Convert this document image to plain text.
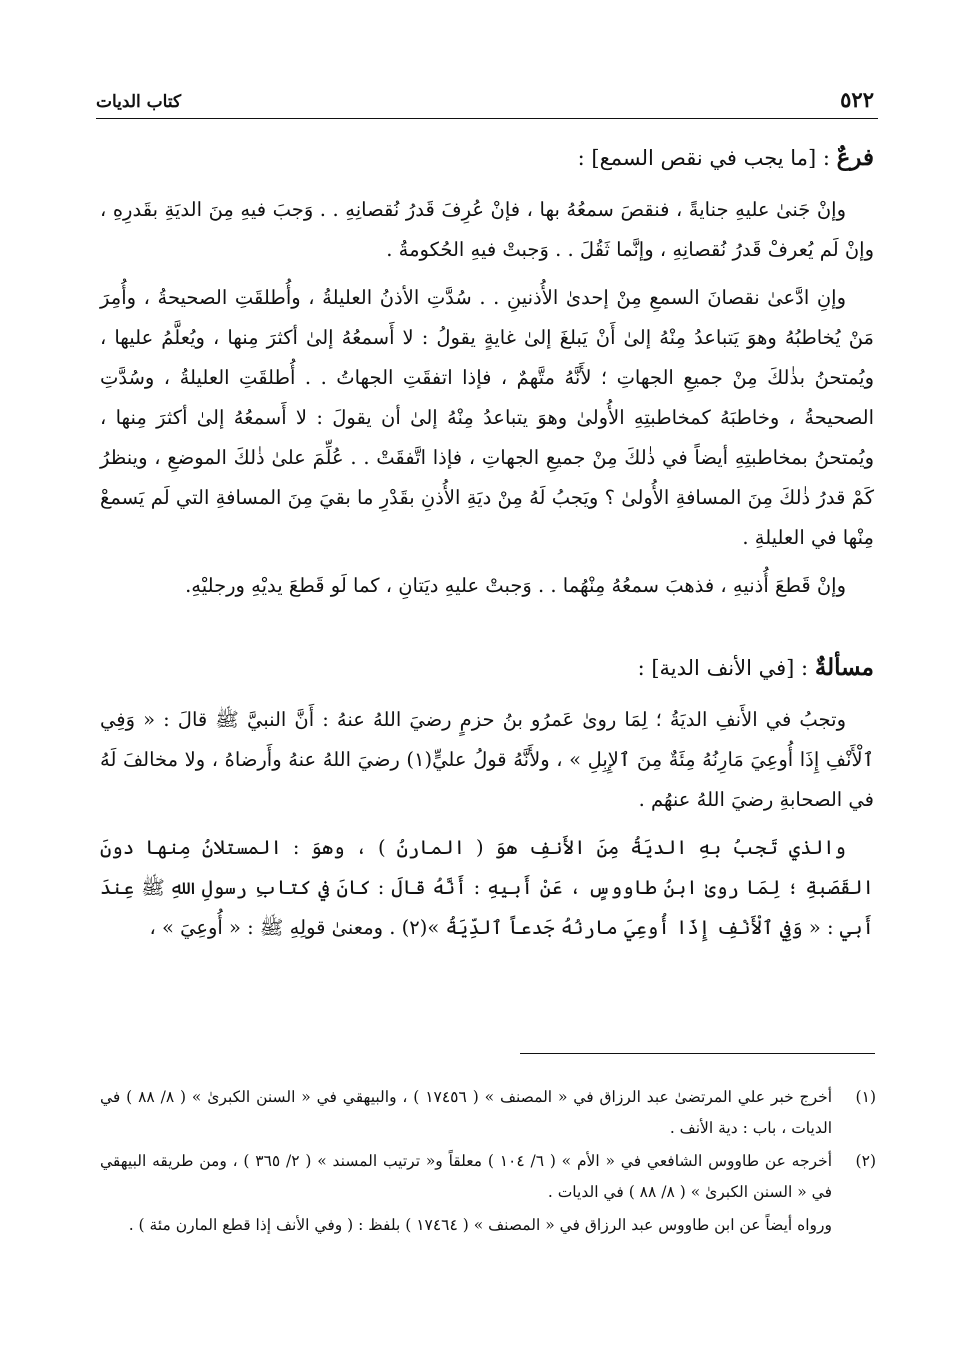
٥٢٢
كتاب الديات
فرعٌ : [ما يجب في نقص السمع] :

وإنْ جَنىٰ عليهِ جنايةً ، فنقصَ سمعُهُ بها ، فإنْ عُرِفَ قَدرُ نُقصانِهِ . . وَجبَ فيهِ مِنَ الديَةِ بقَدرِهِ ، وإنْ لَم يُعرفْ قَدرُ نُقصانِهِ ، وإنَّما ثَقُلَ . . وَجبتْ فيهِ الحُكومةُ .

وإنِ ادَّعىٰ نقصانَ السمعِ مِنْ إحدىٰ الأُذنينِ . . سُدَّتِ الأذنُ العليلةُ ، وأُطلقَتِ الصحيحةُ ، وأُمِرَ مَنْ يُخاطبُهُ وهوَ يَتباعدُ مِنْهُ إلىٰ أَنْ يَبلغَ إلىٰ غايةٍ يقولُ : لا أَسمعُهُ إلىٰ أكثرَ مِنها ، ويُعلَّمُ عليها ، ويُمتحنُ بذٰلكَ مِنْ جميعِ الجهاتِ ؛ لأَنَّهُ متَّهمٌ ، فإذا اتفقَتِ الجهاتُ . . أُطلقَتِ العليلةُ ، وسُدَّتِ الصحيحةُ ، وخاطبَهُ كمخاطبتِهِ الأُولىٰ وهوَ يتباعدُ مِنْهُ إلىٰ أن يقولَ : لا أَسمعُهُ إلىٰ أكثرَ مِنها ، ويُمتحنُ بمخاطبتِهِ أيضاً في ذٰلكَ مِنْ جميعِ الجهاتِ ، فإذا اتَّفقَتْ . . عُلِّمَ علىٰ ذٰلكَ الموضعِ ، وينظرُ كَمْ قدرُ ذٰلكَ مِنَ المسافةِ الأُولىٰ ؟ ويَجبُ لَهُ مِنْ ديَةِ الأُذنِ بقَدْرِ ما بقيَ مِنَ المسافةِ التي لَم يَسمعْ مِنْها في العليلةِ .

وإنْ قَطعَ أُذنيهِ ، فذهبَ سمعُهُ مِنْهُما . . وَجبتْ عليهِ ديَتانِ ، كما لَو قَطعَ يديْهِ ورجليْهِ.

مسألةٌ : [في الأنف الدية] :

وتجبُ في الأَنفِ الديَةُ ؛ لِمَا روىٰ عَمرُو بنُ حزمٍ رضيَ اللهُ عنهُ : أَنَّ النبيَّ ﷺ قالَ : « وَفِي ٱلْأَنْفِ إِذَا أُوعِيَ مَارِنُهُ مِئَةٌ مِنَ ٱلإِبِلِ » ، ولأَنَّهُ قولُ عليٍّ(١) رضيَ اللهُ عنهُ وأَرضاهُ ، ولا مخالفَ لَهُ في الصحابةِ رضيَ اللهُ عنهُم .

والذي تَجبُ بهِ الديَةُ مِنَ الأَنفِ هوَ ( المارنُ ) ، وهوَ : المستلانُ مِنها دونَ القَصَبةِ ؛ لِمَا روىٰ ابنُ طاووسٍ ، عَنْ أَبيهِ : أَنَّهُ قالَ : كانَ في كتابِ رسولِ اللهِ ﷺ عِندَ أَبي : « وَفِي ٱلْأَنْفِ إِذَا أُوعِيَ مارنُهُ جَدعاً ٱلدِّيَةُ »(٢) . ومعنىٰ قولِهِ ﷺ : « أُوعِيَ » ،

(١)
أخرج خبر علي المرتضىٰ عبد الرزاق في « المصنف » ( ١٧٤٥٦ ) ، والبيهقي في « السنن الكبرىٰ » ( ٨/ ٨٨ ) في الديات ، باب : دية الأنف .
(٢)
أخرجه عن طاووس الشافعي في « الأم » ( ٦/ ١٠٤ ) معلقاً و« ترتيب المسند » ( ٢/ ٣٦٥ ) ، ومن طريقه البيهقي في « السنن الكبرىٰ » ( ٨/ ٨٨ ) في الديات .
ورواه أيضاً عن ابن طاووس عبد الرزاق في « المصنف » ( ١٧٤٦٤ ) بلفظ : ( وفي الأنف إذا قطع المارن مئة ) .
